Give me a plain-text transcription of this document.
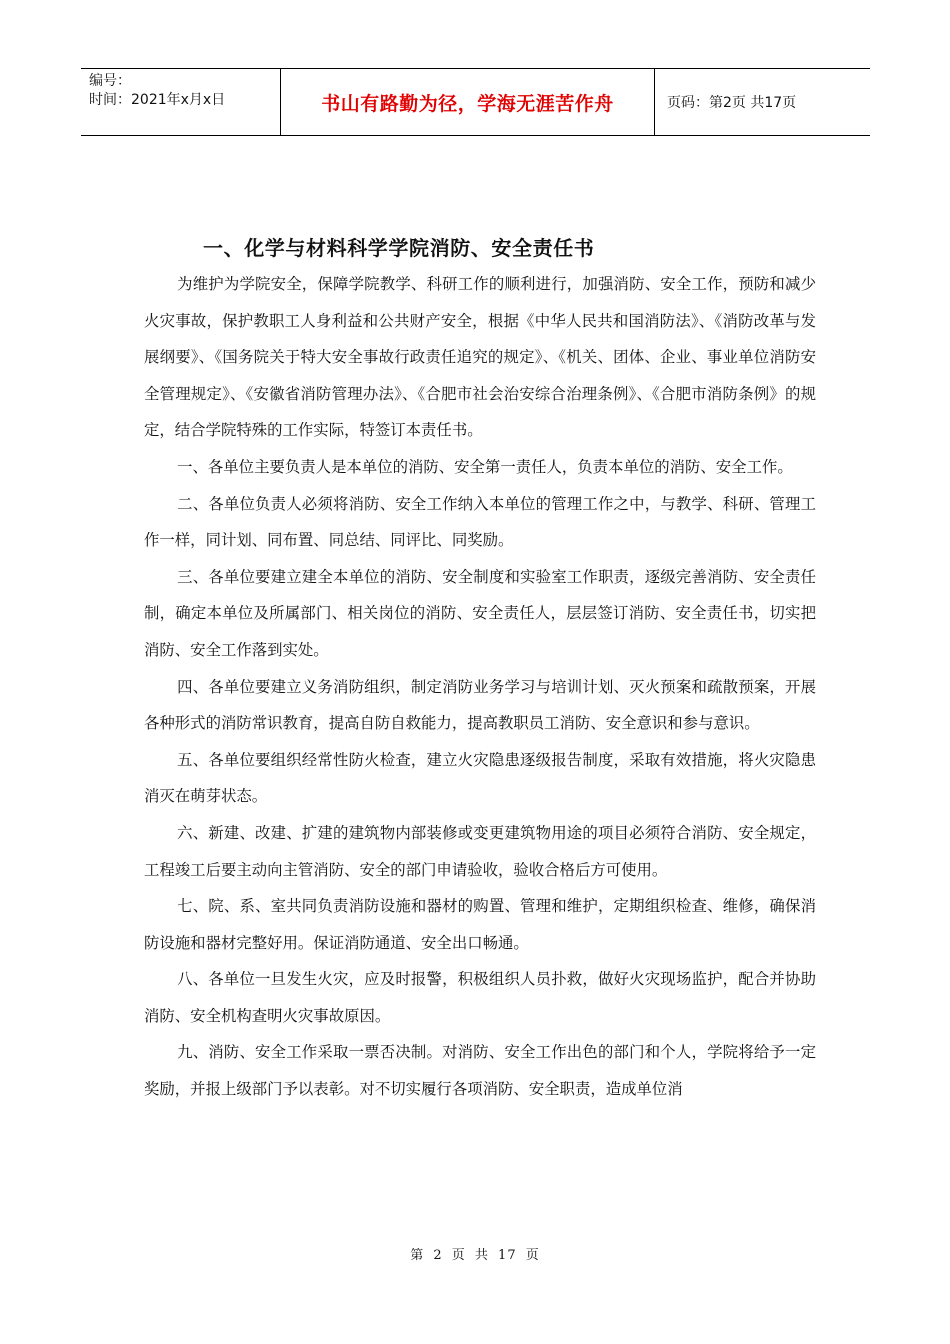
编号：
时间：2021年x月x日	书山有路勤为径，学海无涯苦作舟	页码：第2页 共17页
一、化学与材料科学学院消防、安全责任书

为维护为学院安全，保障学院教学、科研工作的顺利进行，加强消防、安全工作，预防和减少火灾事故，保护教职工人身利益和公共财产安全，根据《中华人民共和国消防法》、《消防改革与发展纲要》、《国务院关于特大安全事故行政责任追究的规定》、《机关、团体、企业、事业单位消防安全管理规定》、《安徽省消防管理办法》、《合肥市社会治安综合治理条例》、《合肥市消防条例》的规定，结合学院特殊的工作实际，特签订本责任书。

一、各单位主要负责人是本单位的消防、安全第一责任人，负责本单位的消防、安全工作。

二、各单位负责人必须将消防、安全工作纳入本单位的管理工作之中，与教学、科研、管理工作一样，同计划、同布置、同总结、同评比、同奖励。

三、各单位要建立建全本单位的消防、安全制度和实验室工作职责，逐级完善消防、安全责任制，确定本单位及所属部门、相关岗位的消防、安全责任人，层层签订消防、安全责任书，切实把消防、安全工作落到实处。

四、各单位要建立义务消防组织，制定消防业务学习与培训计划、灭火预案和疏散预案，开展各种形式的消防常识教育，提高自防自救能力，提高教职员工消防、安全意识和参与意识。

五、各单位要组织经常性防火检查，建立火灾隐患逐级报告制度，采取有效措施，将火灾隐患消灭在萌芽状态。

六、新建、改建、扩建的建筑物内部装修或变更建筑物用途的项目必须符合消防、安全规定，工程竣工后要主动向主管消防、安全的部门申请验收，验收合格后方可使用。

七、院、系、室共同负责消防设施和器材的购置、管理和维护，定期组织检查、维修，确保消防设施和器材完整好用。保证消防通道、安全出口畅通。

八、各单位一旦发生火灾，应及时报警，积极组织人员扑救，做好火灾现场监护，配合并协助消防、安全机构查明火灾事故原因。

九、消防、安全工作采取一票否决制。对消防、安全工作出色的部门和个人，学院将给予一定奖励，并报上级部门予以表彰。对不切实履行各项消防、安全职责，造成单位消

第 2 页 共 17 页
